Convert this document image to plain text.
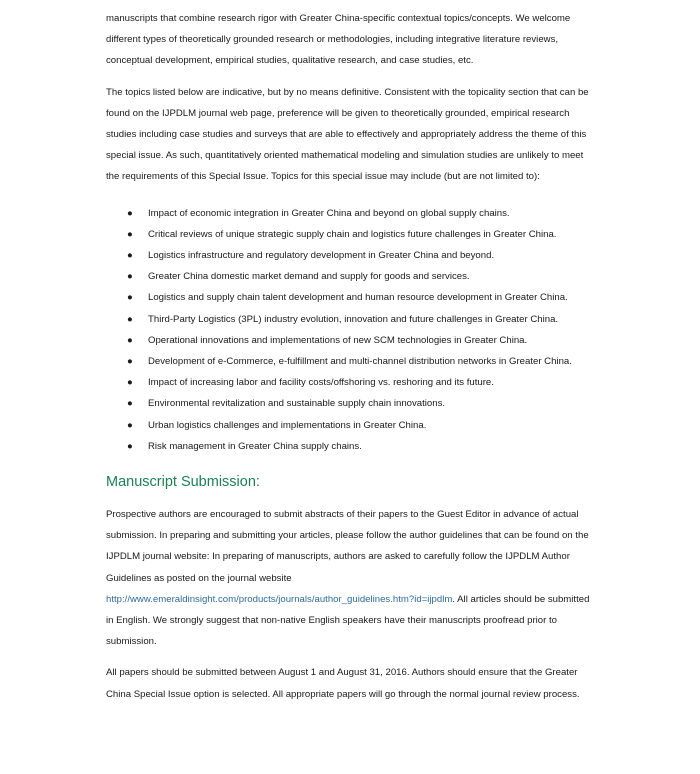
manuscripts that combine research rigor with Greater China-specific contextual topics/concepts. We welcome different types of theoretically grounded research or methodologies, including integrative literature reviews, conceptual development, empirical studies, qualitative research, and case studies, etc.

The topics listed below are indicative, but by no means definitive. Consistent with the topicality section that can be found on the IJPDLM journal web page, preference will be given to theoretically grounded, empirical research studies including case studies and surveys that are able to effectively and appropriately address the theme of this special issue. As such, quantitatively oriented mathematical modeling and simulation studies are unlikely to meet the requirements of this Special Issue. Topics for this special issue may include (but are not limited to):

● Impact of economic integration in Greater China and beyond on global supply chains.
● Critical reviews of unique strategic supply chain and logistics future challenges in Greater China.
● Logistics infrastructure and regulatory development in Greater China and beyond.
● Greater China domestic market demand and supply for goods and services.
● Logistics and supply chain talent development and human resource development in Greater China.
● Third-Party Logistics (3PL) industry evolution, innovation and future challenges in Greater China.
● Operational innovations and implementations of new SCM technologies in Greater China.
● Development of e-Commerce, e-fulfillment and multi-channel distribution networks in Greater China.
● Impact of increasing labor and facility costs/offshoring vs. reshoring and its future.
● Environmental revitalization and sustainable supply chain innovations.
● Urban logistics challenges and implementations in Greater China.
● Risk management in Greater China supply chains.
Manuscript Submission:

Prospective authors are encouraged to submit abstracts of their papers to the Guest Editor in advance of actual submission. In preparing and submitting your articles, please follow the author guidelines that can be found on the IJPDLM journal website: In preparing of manuscripts, authors are asked to carefully follow the IJPDLM Author Guidelines as posted on the journal website http://www.emeraldinsight.com/products/journals/author_guidelines.htm?id=ijpdlm. All articles should be submitted in English. We strongly suggest that non-native English speakers have their manuscripts proofread prior to submission.

All papers should be submitted between August 1 and August 31, 2016. Authors should ensure that the Greater China Special Issue option is selected. All appropriate papers will go through the normal journal review process.
